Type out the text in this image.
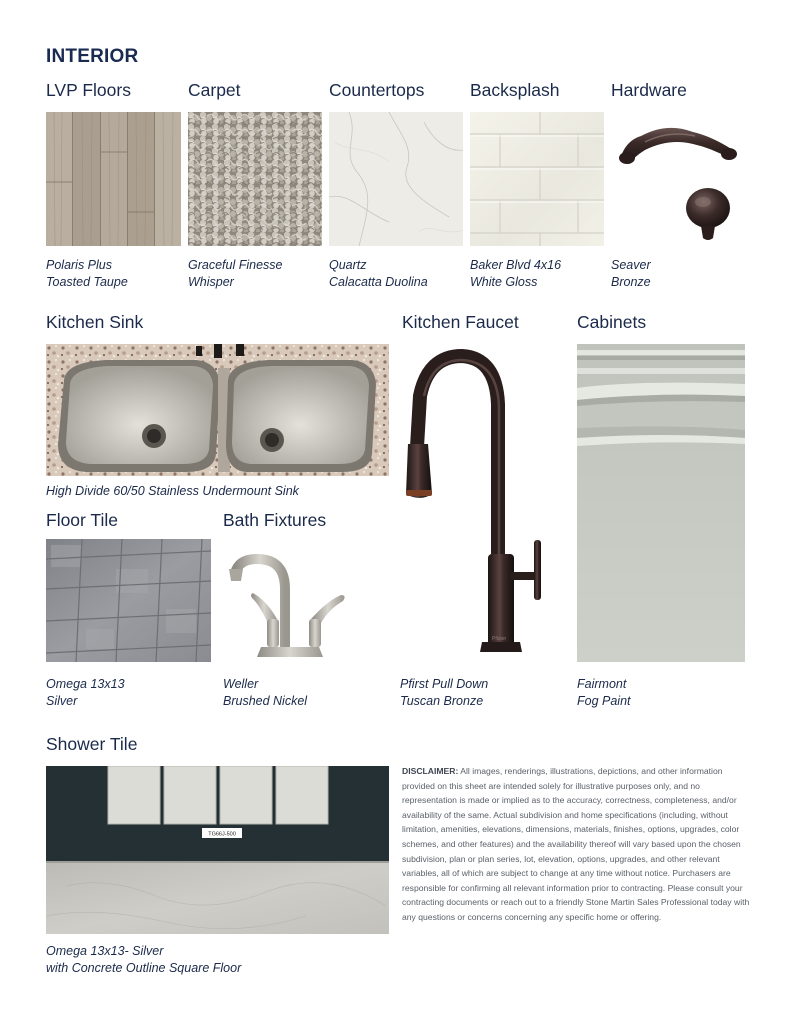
INTERIOR
LVP Floors	Carpet	Countertops	Backsplash	Hardware
Polaris Plus
Toasted Taupe
Graceful Finesse
Whisper
Quartz
Calacatta Duolina
Baker Blvd 4x16
White Gloss
Seaver
Bronze
Kitchen Sink	Kitchen Faucet	Cabinets
High Divide 60/50 Stainless Undermount Sink
Pfister
Floor Tile	Bath Fixtures
Omega 13x13
Silver
Weller
Brushed Nickel
Pfirst Pull Down
Tuscan Bronze
Fairmont
Fog Paint
Shower Tile
TG66J-500
Omega 13x13- Silver
with Concrete Outline Square Floor
DISCLAIMER: All images, renderings, illustrations, depictions, and other information provided on this sheet are intended solely for illustrative purposes only, and no representation is made or implied as to the accuracy, correctness, completeness, and/or availability of the same. Actual subdivision and home specifications (including, without limitation, amenities, elevations, dimensions, materials, finishes, options, upgrades, color schemes, and other features) and the availability thereof will vary based upon the chosen subdivision, plan or plan series, lot, elevation, options, upgrades, and other relevant variables, all of which are subject to change at any time without notice. Purchasers are responsible for confirming all relevant information prior to contracting. Please consult your contracting documents or reach out to a friendly Stone Martin Sales Professional today with any questions or concerns concerning any specific home or offering.
